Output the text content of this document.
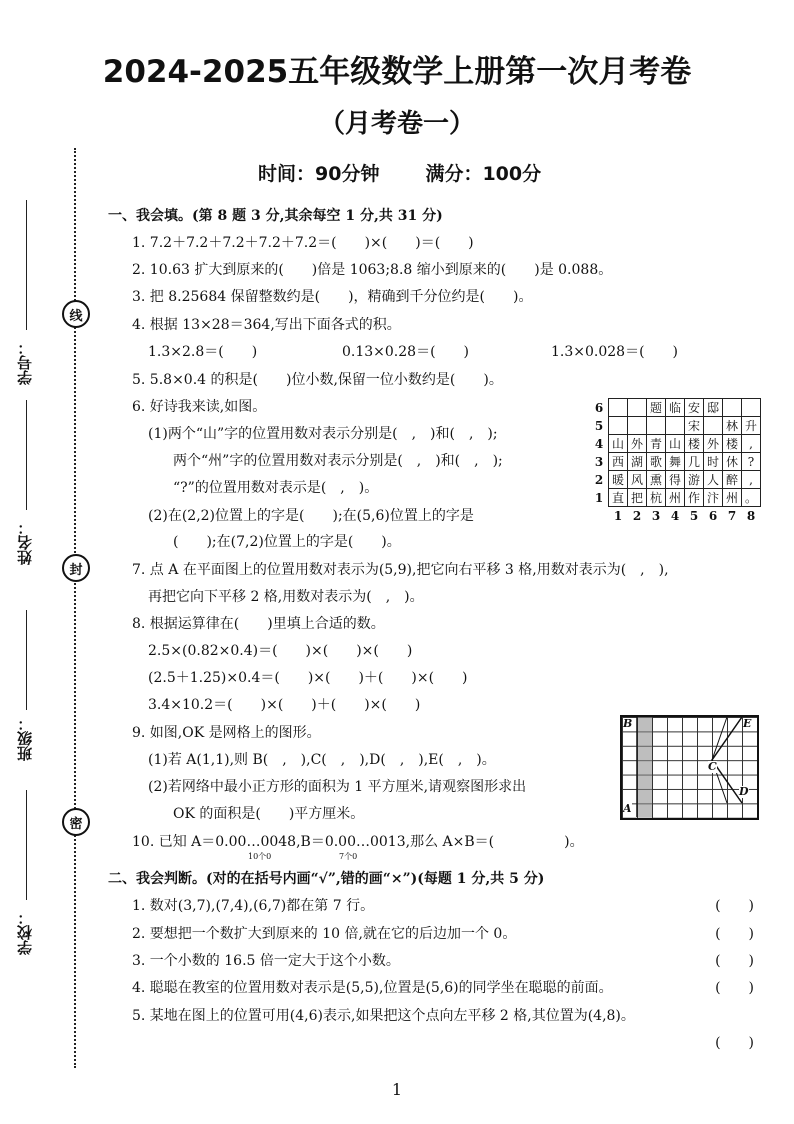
2024-2025五年级数学上册第一次月考卷
（月考卷一）
时间：90分钟 满分：100分
线
封
密
学号：
姓名：
班级：
学校：
一、我会填。(第 8 题 3 分,其余每空 1 分,共 31 分)
1. 7.2＋7.2＋7.2＋7.2＋7.2＝(　　)×(　　)＝(　　)
2. 10.63 扩大到原来的(　　)倍是 1063;8.8 缩小到原来的(　　)是 0.088。
3. 把 8.25684 保留整数约是(　　)，精确到千分位约是(　　)。
4. 根据 13×28＝364,写出下面各式的积。
1.3×2.8＝(　　)	0.13×0.28＝(　　)	1.3×0.028＝(　　)
5. 5.8×0.4 的积是(　　)位小数,保留一位小数约是(　　)。
6. 好诗我来读,如图。
(1)两个“山”字的位置用数对表示分别是(　,　)和(　,　);
两个“州”字的位置用数对表示分别是(　,　)和(　,　);
“?”的位置用数对表示是(　,　)。
(2)在(2,2)位置上的字是(　　);在(5,6)位置上的字是
(　　);在(7,2)位置上的字是(　　)。
7. 点 A 在平面图上的位置用数对表示为(5,9),把它向右平移 3 格,用数对表示为(　,　),
再把它向下平移 2 格,用数对表示为(　,　)。
8. 根据运算律在(　　)里填上合适的数。
2.5×(0.82×0.4)＝(　　)×(　　)×(　　)
(2.5＋1.25)×0.4＝(　　)×(　　)＋(　　)×(　　)
3.4×10.2＝(　　)×(　　)＋(　　)×(　　)
9. 如图,OK 是网格上的图形。
(1)若 A(1,1),则 B(　,　),C(　,　),D(　,　),E(　,　)。
(2)若网络中最小正方形的面积为 1 平方厘米,请观察图形求出
OK 的面积是(　　)平方厘米。
10. 已知 A＝0.00…0048,B＝0.00…0013,那么 A×B＝(　　　　　)。
10个0	7个0
6			题	临	安	邸		
5					宋		林	升
4	山	外	青	山	楼	外	楼	,
3	西	湖	歌	舞	几	时	休	?
2	暖	风	熏	得	游	人	醉	,
1	直	把	杭	州	作	汴	州	。
	1	2	3	4	5	6	7	8
B	E
C
D
A
二、我会判断。(对的在括号内画“√”,错的画“×”)(每题 1 分,共 5 分)
1. 数对(3,7),(7,4),(6,7)都在第 7 行。	(　　)
2. 要想把一个数扩大到原来的 10 倍,就在它的后边加一个 0。	(　　)
3. 一个小数的 16.5 倍一定大于这个小数。	(　　)
4. 聪聪在教室的位置用数对表示是(5,5),位置是(5,6)的同学坐在聪聪的前面。	(　　)
5. 某地在图上的位置可用(4,6)表示,如果把这个点向左平移 2 格,其位置为(4,8)。
(　　)
1
